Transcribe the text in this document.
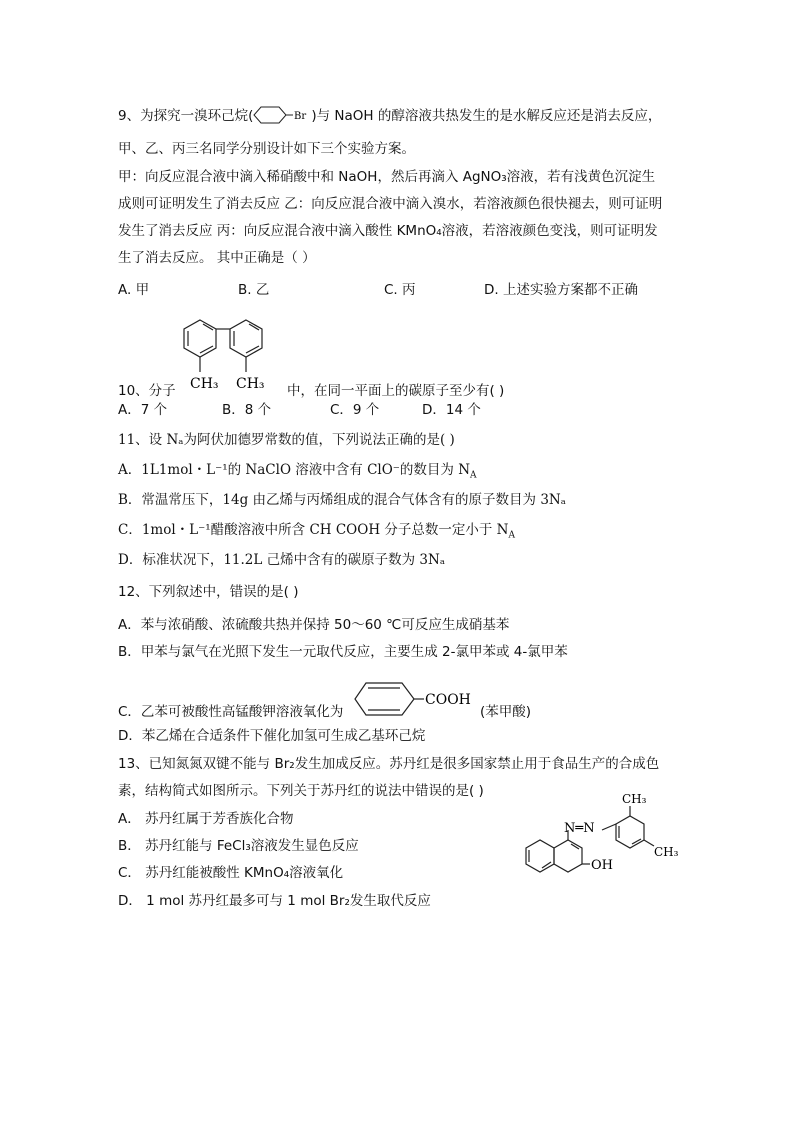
9、为探究一溴环己烷(	Br )与 NaOH 的醇溶液共热发生的是水解反应还是消去反应，
甲、乙、丙三名同学分别设计如下三个实验方案。
甲：向反应混合液中滴入稀硝酸中和 NaOH，然后再滴入 AgNO₃溶液，若有浅黄色沉淀生
成则可证明发生了消去反应 乙：向反应混合液中滴入溴水，若溶液颜色很快褪去，则可证明
发生了消去反应 丙：向反应混合液中滴入酸性 KMnO₄溶液，若溶液颜色变浅，则可证明发
生了消去反应。 其中正确是（ ）
A. 甲	B. 乙	C. 丙	D. 上述实验方案都不正确
CH₃ CH₃
10、分子	中，在同一平面上的碳原子至少有( )
A．7 个	B．8 个	C．9 个	D．14 个
11、设 Nₐ为阿伏加德罗常数的值，下列说法正确的是( )
A．1L1mol・L⁻¹的 NaClO 溶液中含有 ClO⁻的数目为 $N_A$
B．常温常压下，14g 由乙烯与丙烯组成的混合气体含有的原子数目为 3Nₐ
C．1mol・L⁻¹醋酸溶液中所含 CH COOH 分子总数一定小于 $N_A$
D．标准状况下，11.2L 己烯中含有的碳原子数为 3Nₐ
12、下列叙述中，错误的是( )
A．苯与浓硝酸、浓硫酸共热并保持 50～60 ℃可反应生成硝基苯
B．甲苯与氯气在光照下发生一元取代反应，主要生成 2-氯甲苯或 4-氯甲苯
COOH
C．乙苯可被酸性高锰酸钾溶液氧化为	(苯甲酸)
D．苯乙烯在合适条件下催化加氢可生成乙基环己烷
13、已知氮氮双键不能与 Br₂发生加成反应。苏丹红是很多国家禁止用于食品生产的合成色
素，结构简式如图所示。下列关于苏丹红的说法中错误的是( )
A． 苏丹红属于芳香族化合物
B． 苏丹红能与 FeCl₃溶液发生显色反应
C． 苏丹红能被酸性 KMnO₄溶液氧化
D． 1 mol 苏丹红最多可与 1 mol Br₂发生取代反应
N═N
CH₃
CH₃
OH
